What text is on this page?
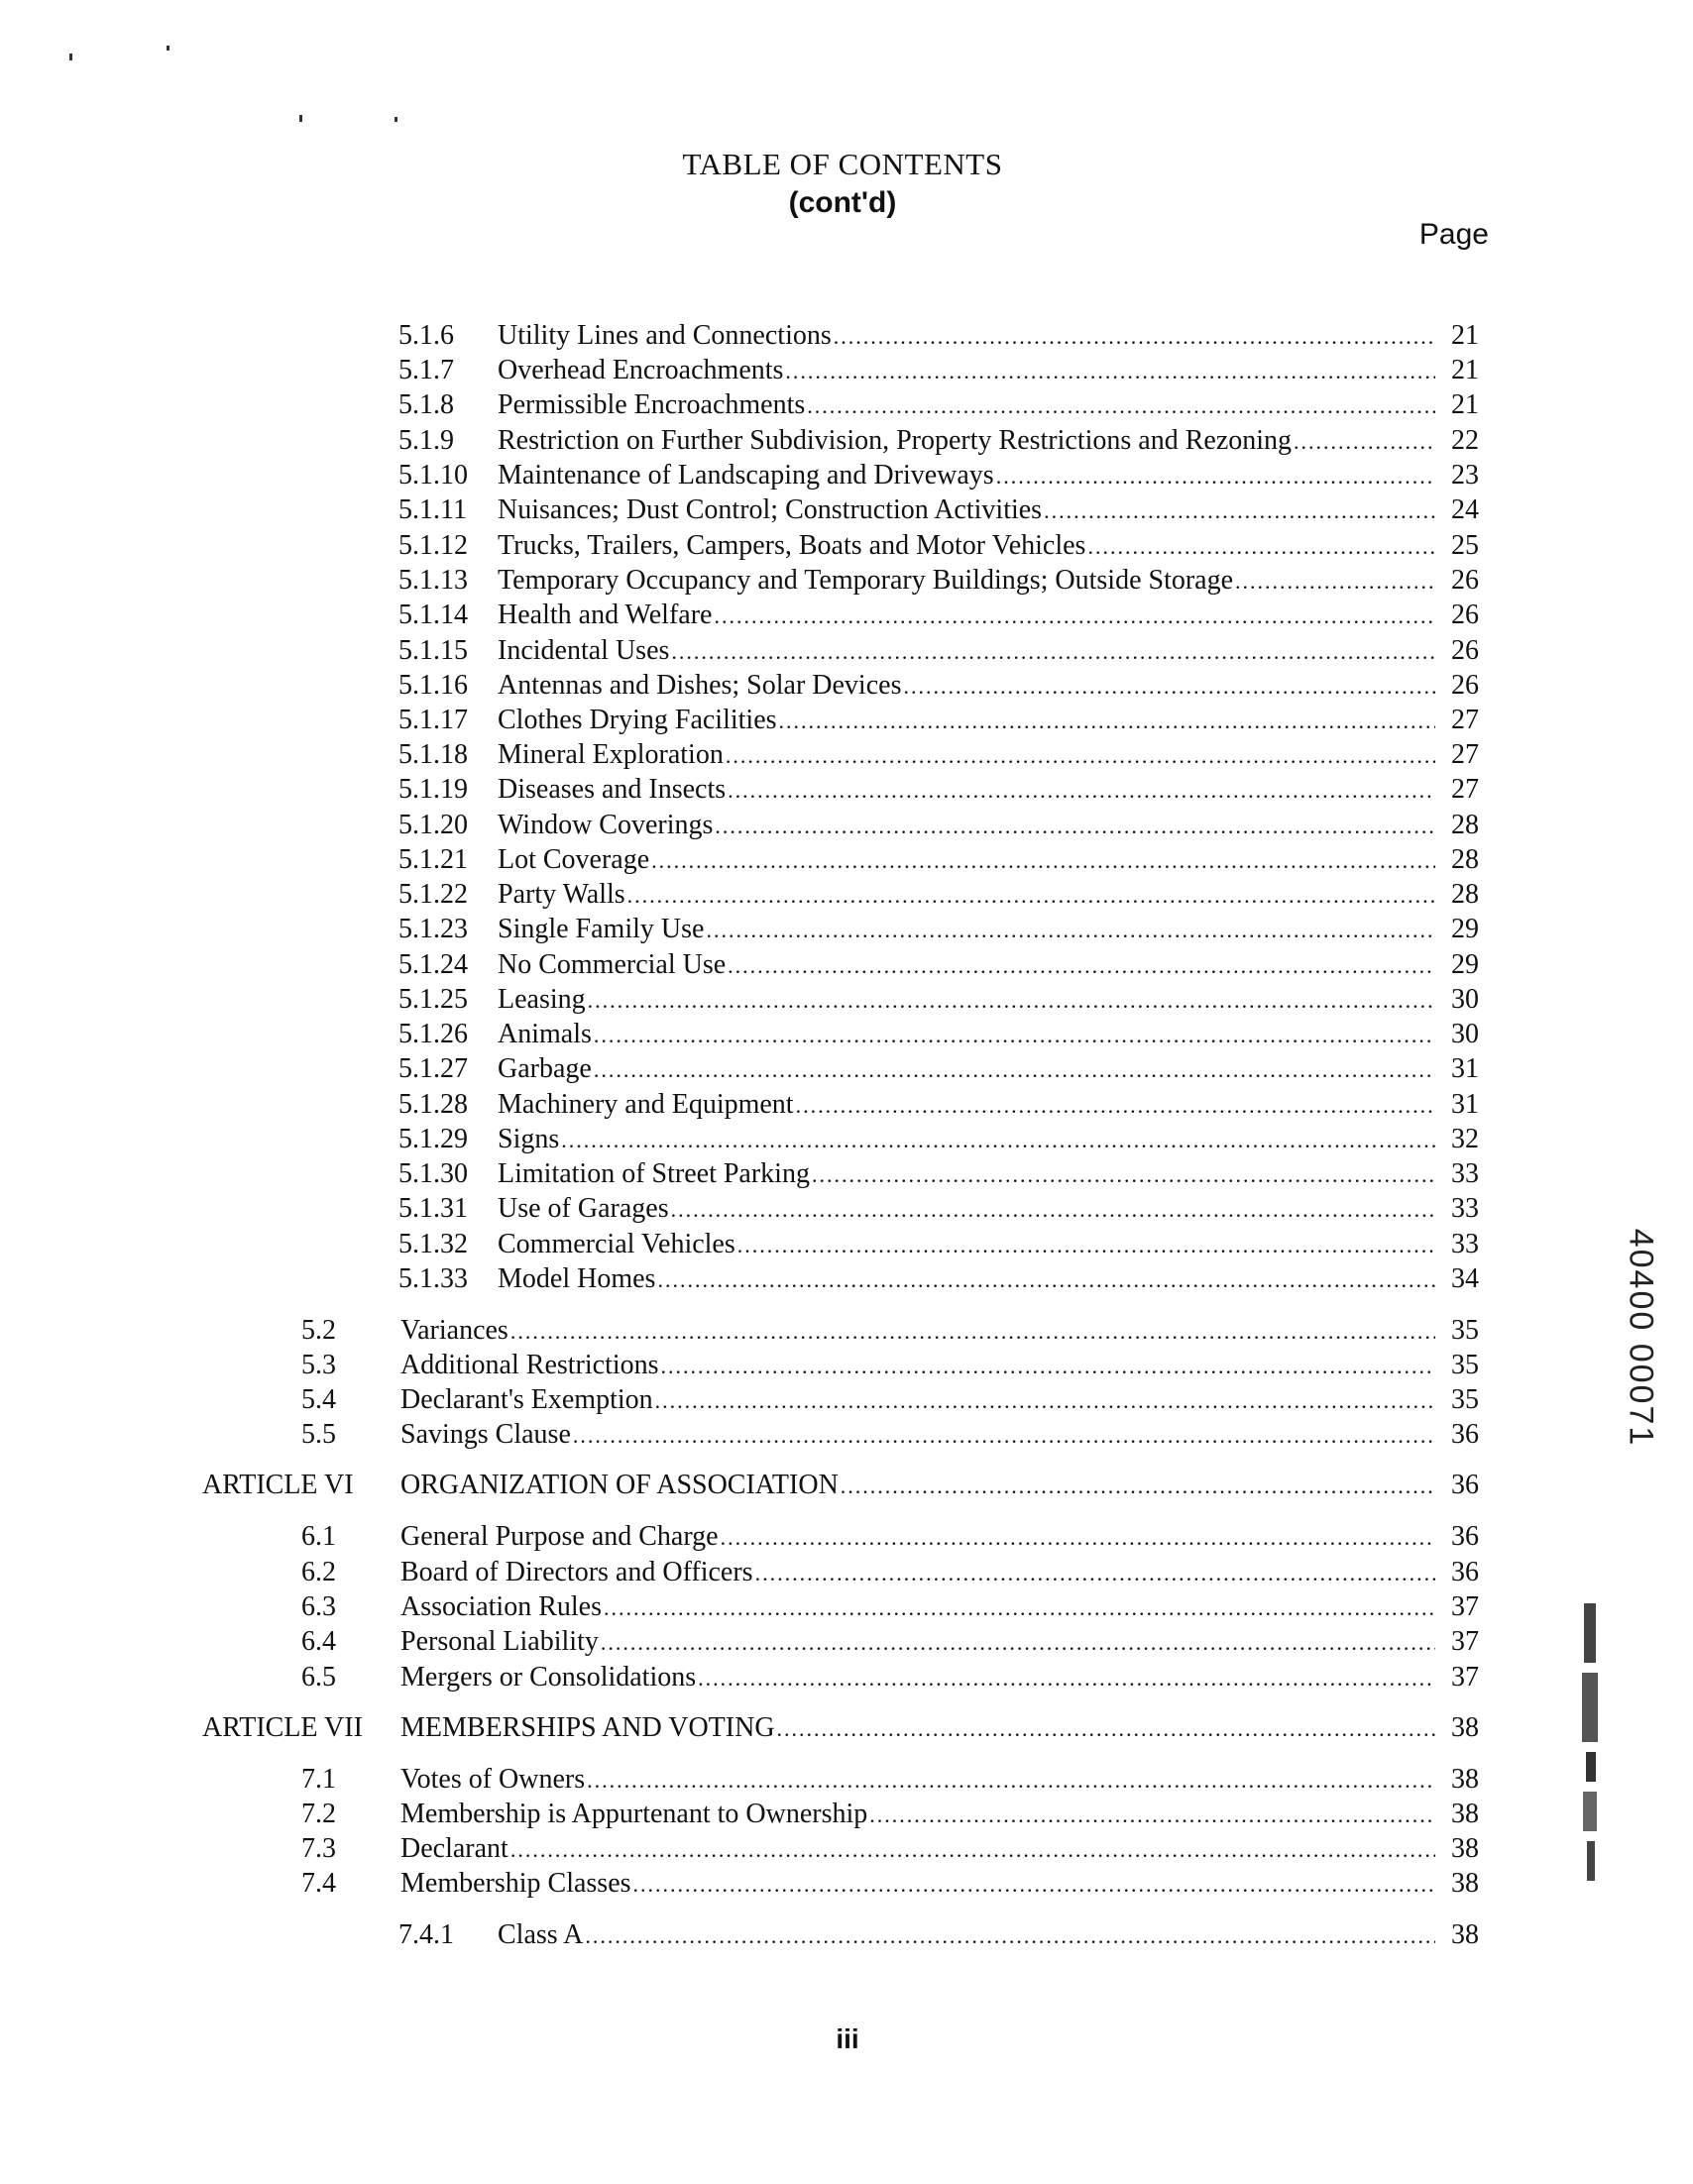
TABLE OF CONTENTS
(cont'd)
Page
5.1.6 Utility Lines and Connections .....	21
5.1.7 Overhead Encroachments .....	21
5.1.8 Permissible Encroachments .....	21
5.1.9 Restriction on Further Subdivision, Property Restrictions and Rezoning .....	22
5.1.10 Maintenance of Landscaping and Driveways .....	23
5.1.11 Nuisances; Dust Control; Construction Activities .....	24
5.1.12 Trucks, Trailers, Campers, Boats and Motor Vehicles .....	25
5.1.13 Temporary Occupancy and Temporary Buildings; Outside Storage .....	26
5.1.14 Health and Welfare .....	26
5.1.15 Incidental Uses .....	26
5.1.16 Antennas and Dishes; Solar Devices .....	26
5.1.17 Clothes Drying Facilities .....	27
5.1.18 Mineral Exploration .....	27
5.1.19 Diseases and Insects .....	27
5.1.20 Window Coverings .....	28
5.1.21 Lot Coverage .....	28
5.1.22 Party Walls .....	28
5.1.23 Single Family Use .....	29
5.1.24 No Commercial Use .....	29
5.1.25 Leasing .....	30
5.1.26 Animals .....	30
5.1.27 Garbage .....	31
5.1.28 Machinery and Equipment .....	31
5.1.29 Signs .....	32
5.1.30 Limitation of Street Parking .....	33
5.1.31 Use of Garages .....	33
5.1.32 Commercial Vehicles .....	33
5.1.33 Model Homes .....	34
5.2 Variances .....	35
5.3 Additional Restrictions .....	35
5.4 Declarant's Exemption .....	35
5.5 Savings Clause .....	36
ARTICLE VI ORGANIZATION OF ASSOCIATION .....	36
6.1 General Purpose and Charge .....	36
6.2 Board of Directors and Officers .....	36
6.3 Association Rules .....	37
6.4 Personal Liability .....	37
6.5 Mergers or Consolidations .....	37
ARTICLE VII MEMBERSHIPS AND VOTING .....	38
7.1 Votes of Owners .....	38
7.2 Membership is Appurtenant to Ownership .....	38
7.3 Declarant .....	38
7.4 Membership Classes .....	38
7.4.1 Class A .....	38
iii
40400 00071
